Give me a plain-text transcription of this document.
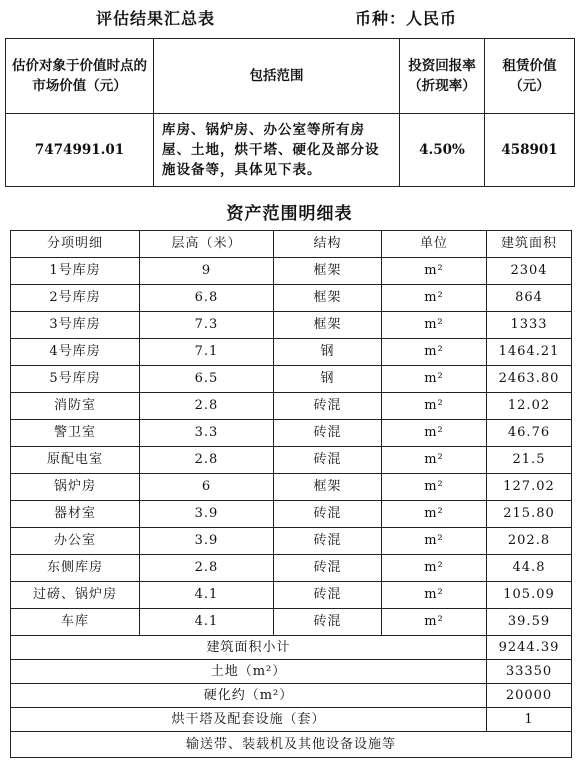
评估结果汇总表	币种：人民币
估价对象于价值时点的市场价值（元）	包括范围	投资回报率（折现率）	租赁价值（元）
7474991.01	库房、锅炉房、办公室等所有房屋、土地，烘干塔、硬化及部分设施设备等，具体见下表。	4.50%	458901
资产范围明细表
分项明细	层高（米）	结构	单位	建筑面积
1号库房	9	框架	m²	2304
2号库房	6.8	框架	m²	864
3号库房	7.3	框架	m²	1333
4号库房	7.1	钢	m²	1464.21
5号库房	6.5	钢	m²	2463.80
消防室	2.8	砖混	m²	12.02
警卫室	3.3	砖混	m²	46.76
原配电室	2.8	砖混	m²	21.5
锅炉房	6	框架	m²	127.02
器材室	3.9	砖混	m²	215.80
办公室	3.9	砖混	m²	202.8
东侧库房	2.8	砖混	m²	44.8
过磅、锅炉房	4.1	砖混	m²	105.09
车库	4.1	砖混	m²	39.59
建筑面积小计				9244.39
土地（m²）				33350
硬化约（m²）				20000
烘干塔及配套设施（套）				1
输送带、装载机及其他设备设施等				
